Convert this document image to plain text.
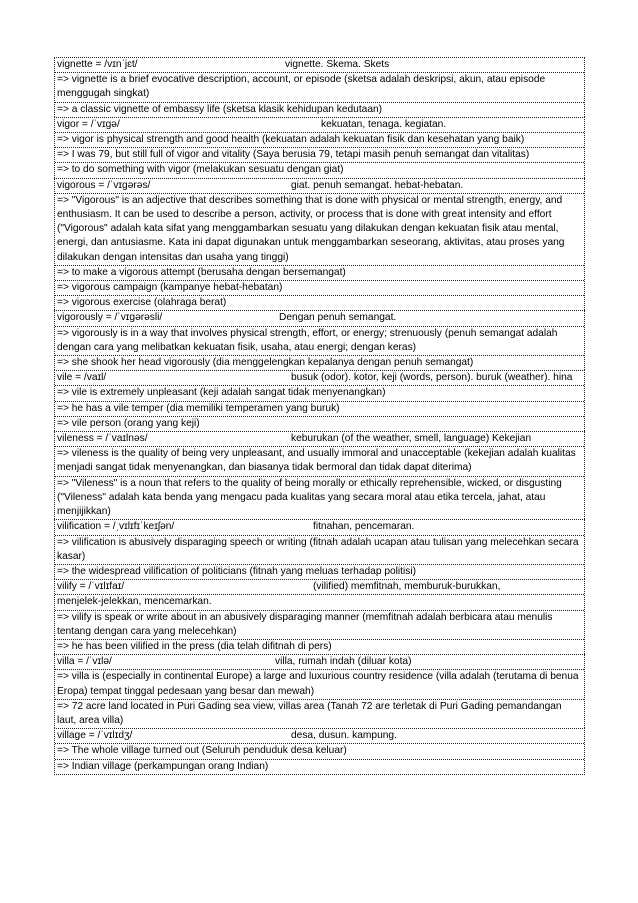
vignette = /vɪnˈjɛt/	vignette. Skema. Skets
=> vignette is a brief evocative description, account, or episode (sketsa adalah deskripsi, akun, atau episode menggugah singkat)
=> a classic vignette of embassy life (sketsa klasik kehidupan kedutaan)
vigor = /ˈvɪɡə/	kekuatan, tenaga. kegiatan.
=> vigor is physical strength and good health (kekuatan adalah kekuatan fisik dan kesehatan yang baik)
=> I was 79, but still full of vigor and vitality (Saya berusia 79, tetapi masih penuh semangat dan vitalitas)
=> to do something with vigor (melakukan sesuatu dengan giat)
vigorous = /ˈvɪɡərəs/	giat. penuh semangat. hebat-hebatan.
=> "Vigorous" is an adjective that describes something that is done with physical or mental strength, energy, and enthusiasm. It can be used to describe a person, activity, or process that is done with great intensity and effort ("Vigorous" adalah kata sifat yang menggambarkan sesuatu yang dilakukan dengan kekuatan fisik atau mental, energi, dan antusiasme. Kata ini dapat digunakan untuk menggambarkan seseorang, aktivitas, atau proses yang dilakukan dengan intensitas dan usaha yang tinggi)
=> to make a vigorous attempt (berusaha dengan bersemangat)
=> vigorous campaign (kampanye hebat-hebatan)
=> vigorous exercise (olahraga berat)
vigorously = /ˈvɪɡərəsli/	Dengan penuh semangat.
=> vigorously is in a way that involves physical strength, effort, or energy; strenuously (penuh semangat adalah dengan cara yang melibatkan kekuatan fisik, usaha, atau energi; dengan keras)
=> she shook her head vigorously (dia menggelengkan kepalanya dengan penuh semangat)
vile = /vaɪl/	busuk (odor). kotor, keji (words, person). buruk (weather). hina
=> vile is extremely unpleasant (keji adalah sangat tidak menyenangkan)
=> he has a vile temper (dia memiliki temperamen yang buruk)
=> vile person (orang yang keji)
vileness = /ˈvaɪlnəs/	keburukan (of the weather, smell, language) Kekejian
=> vileness is the quality of being very unpleasant, and usually immoral and unacceptable (kekejian adalah kualitas menjadi sangat tidak menyenangkan, dan biasanya tidak bermoral dan tidak dapat diterima)
=> "Vileness" is a noun that refers to the quality of being morally or ethically reprehensible, wicked, or disgusting ("Vileness" adalah kata benda yang mengacu pada kualitas yang secara moral atau etika tercela, jahat, atau menjijikkan)
vilification = /ˌvɪlɪfɪˈkeɪʃən/	fitnahan, pencemaran.
=> vilification is abusively disparaging speech or writing (fitnah adalah ucapan atau tulisan yang melecehkan secara kasar)
=> the widespread vilification of politicians (fitnah yang meluas terhadap politisi)
vilify = /ˈvɪlɪfaɪ/	(vilified) memfitnah, memburuk-burukkan,
menjelek-jelekkan, mencemarkan.
=> vilify is speak or write about in an abusively disparaging manner (memfitnah adalah berbicara atau menulis tentang dengan cara yang melecehkan)
=> he has been vilified in the press (dia telah difitnah di pers)
villa = /ˈvɪlə/	villa, rumah indah (diluar kota)
=> villa is (especially in continental Europe) a large and luxurious country residence (villa adalah (terutama di benua Eropa) tempat tinggal pedesaan yang besar dan mewah)
=> 72 acre land located in Puri Gading sea view, villas area (Tanah 72 are terletak di Puri Gading pemandangan laut, area villa)
village = /ˈvɪlɪdʒ/	desa, dusun. kampung.
=> The whole village turned out (Seluruh penduduk desa keluar)
=> Indian village (perkampungan orang Indian)
